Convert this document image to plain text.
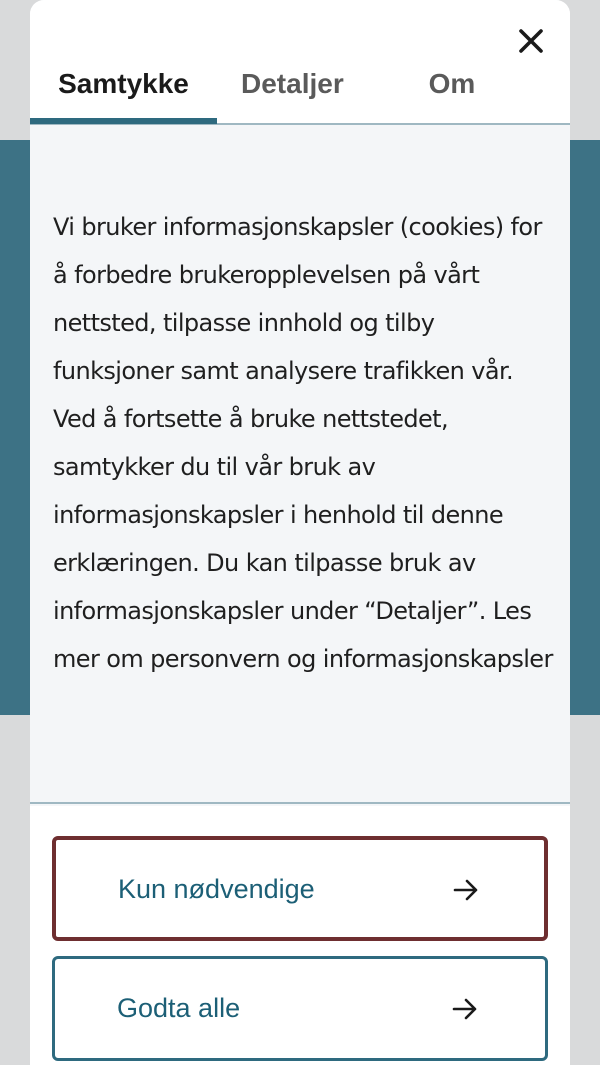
Samtykke	Detaljer	Om

Vi bruker informasjonskapsler (cookies) for å forbedre brukeropplevelsen på vårt nettsted, tilpasse innhold og tilby funksjoner samt analysere trafikken vår. Ved å fortsette å bruke nettstedet, samtykker du til vår bruk av informasjonskapsler i henhold til denne erklæringen. Du kan tilpasse bruk av informasjonskapsler under “Detaljer”. Les mer om personvern og informasjonskapsler

Kun nødvendige
Godta alle
